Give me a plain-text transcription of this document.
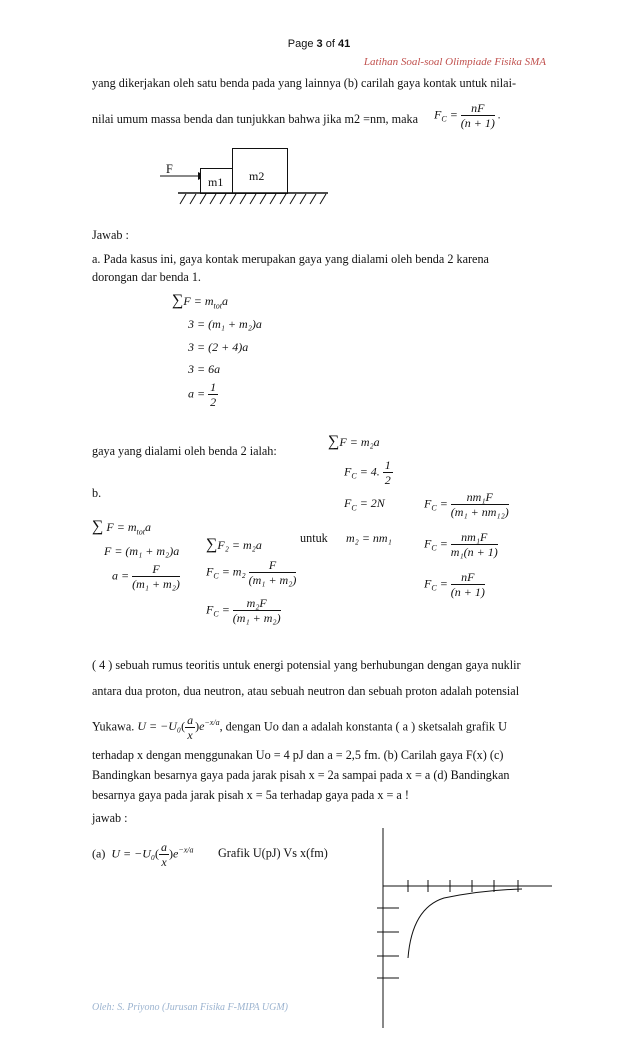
Page 3 of 41
Latihan Soal-soal Olimpiade Fisika SMA
yang dikerjakan oleh satu benda pada yang lainnya (b) carilah gaya kontak untuk nilai-
nilai umum massa benda dan tunjukkan bahwa jika m2 =nm, maka $F_C = \frac{nF}{(n + 1)}$ .
F
m1 m2
Jawab :
a. Pada kasus ini, gaya kontak merupakan gaya yang dialami oleh benda 2 karena
dorongan dar benda 1.
$\sum F = m_{tot}a$
3 = (m₁ + m₂)a
3 = (2 + 4)a
3 = 6a
$a = \frac{1}{2}$
gaya yang dialami oleh benda 2 ialah:
∑F = m₂a
$F_C = 4$. $\frac{1}{2}$
$F_C = 2N$
b.
∑ $F = m_{tot}a$
F = (m₁ + m₂)a
$a = \frac{F}{\text{(m₁ + m₂)}}$
∑F₂ = m₂a
$F_C = m_2 \frac{F}{\text{(m₁ + m₂)}}$
$F_C = \frac{\text{m₂F}}{\text{(m₁ + m₂)}}$
untuk m₂ = nm₁
$F_C = \frac{\text{nm₁F}}{\text{(m₁ + nm₁₂)}}$
$F_C = \frac{\text{nm₁F}}{\text{m₁(n + 1)}}$
$F_C = \frac{nF}{(n + 1)}$
( 4 ) sebuah rumus teoritis untuk energi potensial yang berhubungan dengan gaya nuklir
antara dua proton, dua neutron, atau sebuah neutron dan sebuah proton adalah potensial
Yukawa. $U = -U_0( \frac{a}{x} )e^{-x/a}$, dengan Uo dan a adalah konstanta ( a ) sketsalah grafik U
terhadap x dengan menggunakan Uo = 4 pJ dan a = 2,5 fm. (b) Carilah gaya F(x) (c)
Bandingkan besarnya gaya pada jarak pisah x = 2a sampai pada x = a (d) Bandingkan
besarnya gaya pada jarak pisah x = 5a terhadap gaya pada x = a !
jawab :
(a) $U = -U_0( \frac{a}{x} )e^{-x/a}$ Grafik U(pJ) Vs x(fm)
Oleh: S. Priyono (Jurusan Fisika F-MIPA UGM)
